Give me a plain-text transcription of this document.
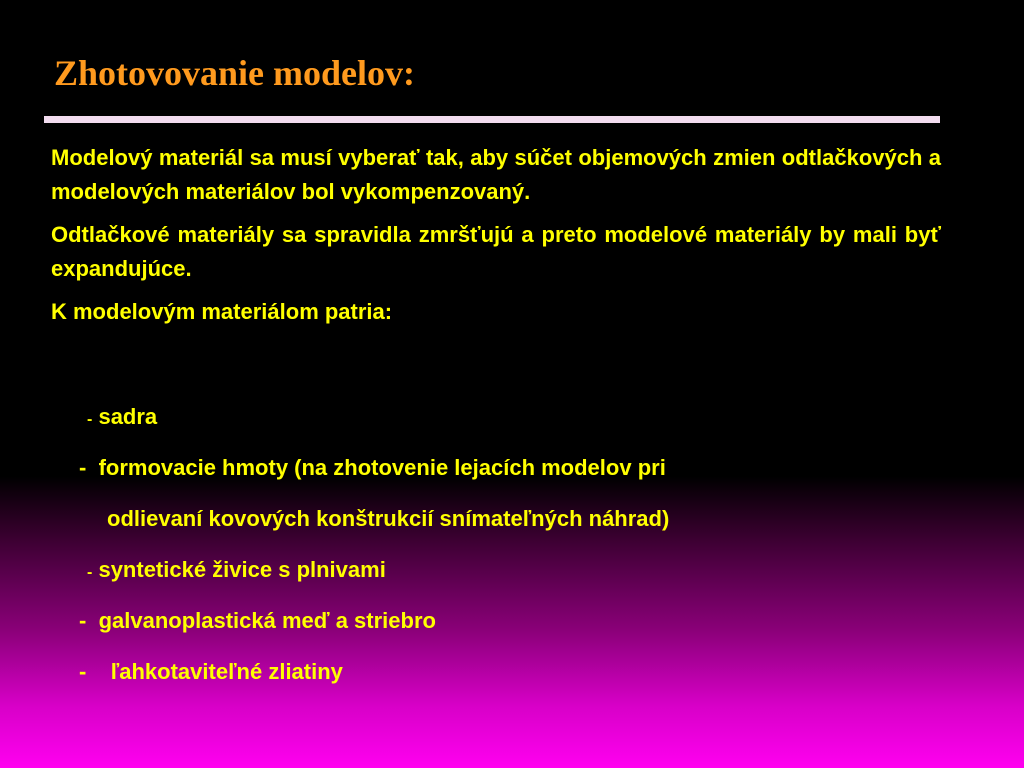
Zhotovovanie modelov:

Modelový materiál sa musí vyberať tak, aby súčet objemových zmien odtlačkových a modelových materiálov bol vykompenzovaný.

Odtlačkové materiály sa spravidla zmršťujú a preto modelové materiály by mali byť expandujúce.

K modelovým materiálom patria:

- sadra
- formovacie hmoty (na zhotovenie lejacích modelov pri
odlievaní kovových konštrukcií snímateľných náhrad)
- syntetické živice s plnivami
- galvanoplastická meď a striebro
- ľahkotaviteľné zliatiny
